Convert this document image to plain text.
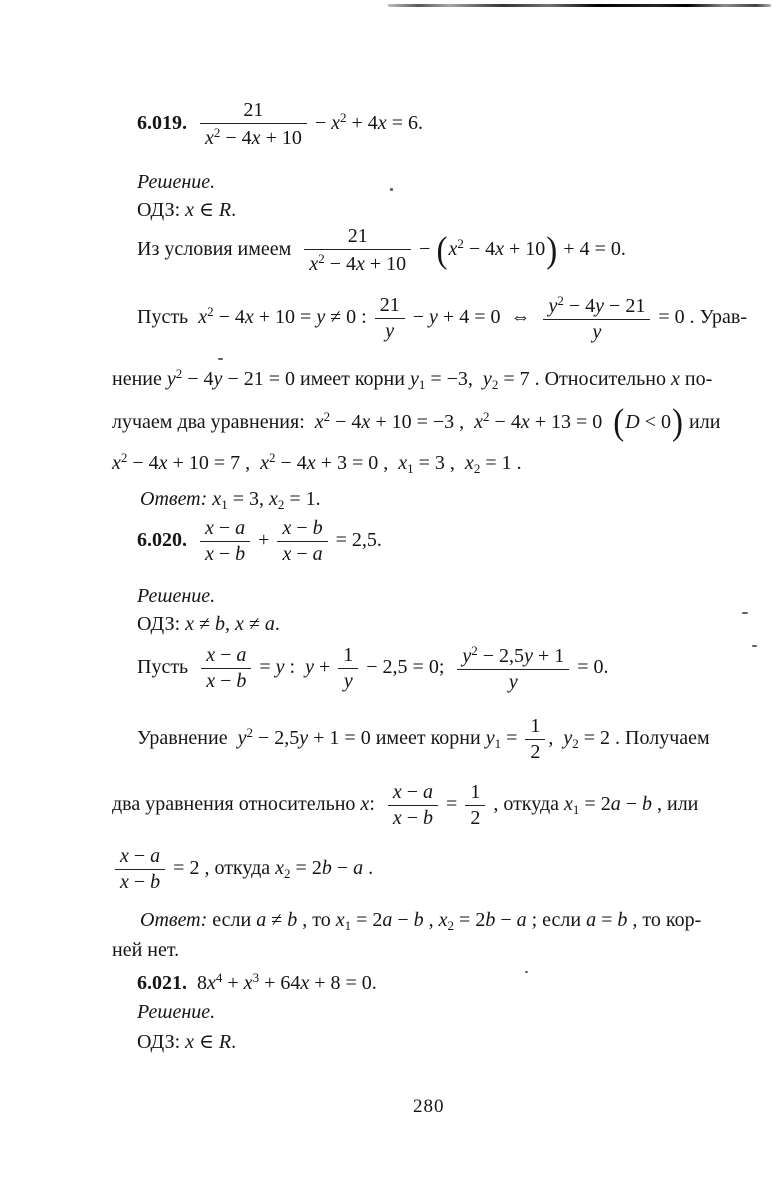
6.019. $\frac{21}{x^2 - 4x + 10} - x^2 + 4x = 6$.
Решение.
ОДЗ: x ∈ R.
Из условия имеем $\frac{21}{x^2 - 4x + 10} - (x^2 - 4x + 10) + 4 = 0$.
Пусть  $x^2 - 4x + 10 = y \ne 0$ : $\frac{21}{y} - y + 4 = 0$  ⇔ $\frac{y^2 - 4y - 21}{y} = 0$ . Урав-
нение $y^2 - 4y - 21 = 0$ имеет корни $y_1 = -3$,  $y_2 = 7$ . Относительно x по-
лучаем два уравнения:  $x^2 - 4x + 10 = -3$ ,  $x^2 - 4x + 13 = 0$  (D < 0) или
$x^2 - 4x + 10 = 7$ ,  $x^2 - 4x + 3 = 0$ ,  $x_1 = 3$ ,  $x_2 = 1$ .
Ответ: $x_1 = 3$, $x_2 = 1$.
6.020. $\frac{x - a}{x - b} + \frac{x - b}{x - a} = 2,5$.
Решение.
ОДЗ: x ≠ b, x ≠ a.
Пусть $\frac{x - a}{x - b} = y$ :  $y + \frac{1}{y} - 2,5 = 0$; $\frac{y^2 - 2,5y + 1}{y} = 0$.
Уравнение  $y^2 - 2,5y + 1 = 0$ имеет корни $y_1 = \frac{1}{2}$ ,  $y_2 = 2$ . Получаем
два уравнения относительно x: $\frac{x - a}{x - b} = \frac{1}{2}$ , откуда $x_1 = 2a - b$ , или
$\frac{x - a}{x - b} = 2$ , откуда $x_2 = 2b - a$ .
Ответ: если a ≠ b , то $x_1 = 2a - b$ , $x_2 = 2b - a$ ; если a = b , то кор-
ней нет.
6.021.  $8x^4 + x^3 + 64x + 8 = 0$.
Решение.
ОДЗ: x ∈ R.
280
